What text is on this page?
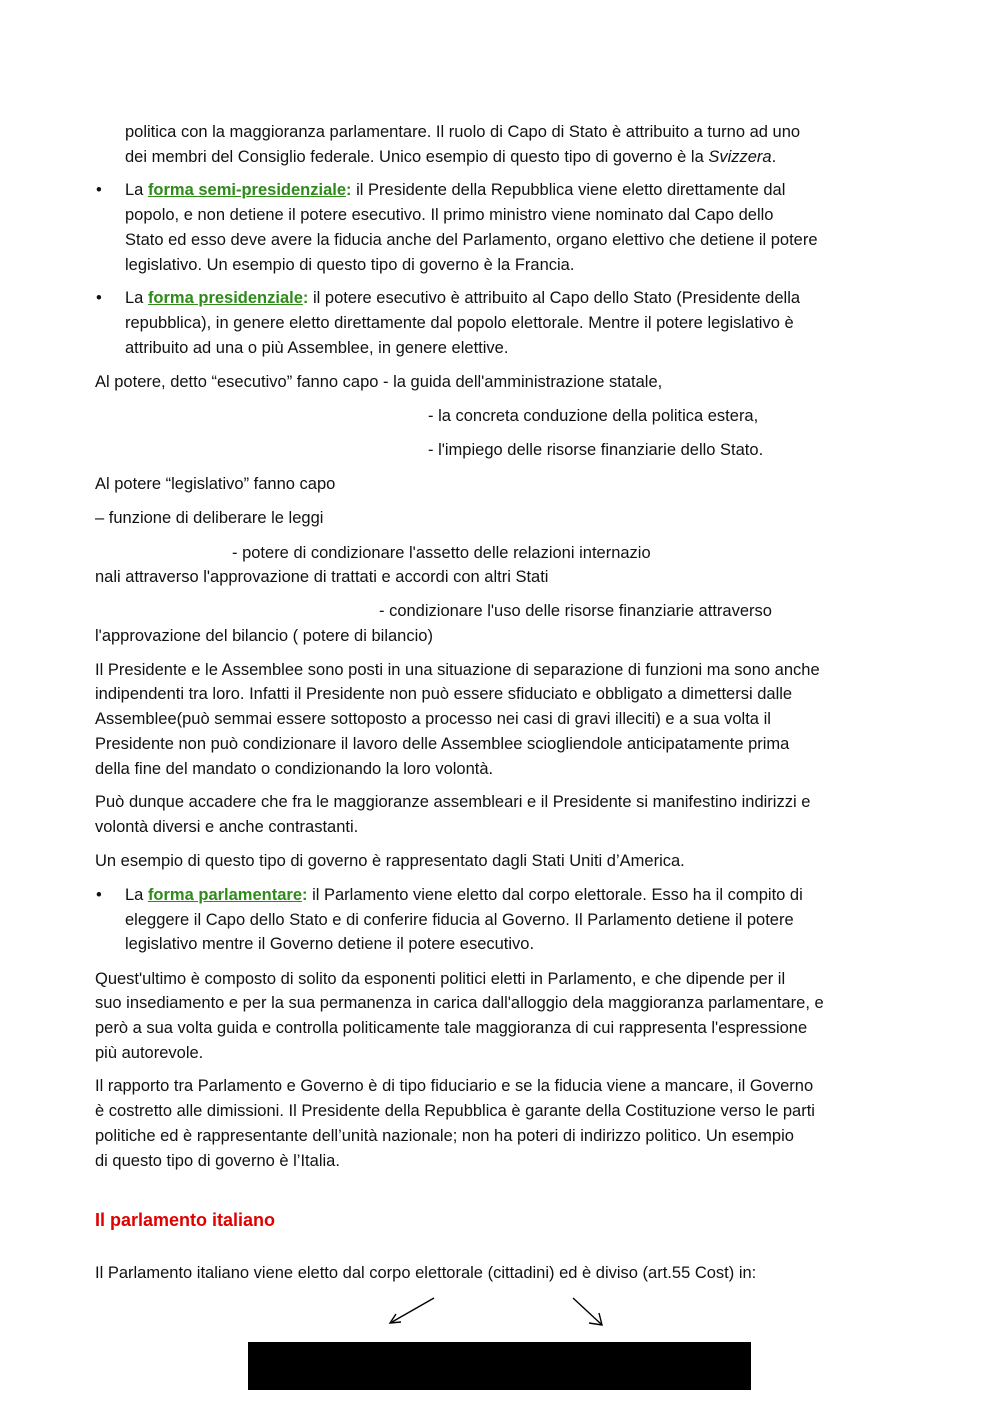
politica con la maggioranza parlamentare. Il ruolo di Capo di Stato è attribuito a turno ad uno
dei membri del Consiglio federale. Unico esempio di questo tipo di governo è la Svizzera.
• La forma semi-presidenziale: il Presidente della Repubblica viene eletto direttamente dal
popolo, e non detiene il potere esecutivo. Il primo ministro viene nominato dal Capo dello
Stato ed esso deve avere la fiducia anche del Parlamento, organo elettivo che detiene il potere
legislativo. Un esempio di questo tipo di governo è la Francia.
• La forma presidenziale: il potere esecutivo è attribuito al Capo dello Stato (Presidente della
repubblica), in genere eletto direttamente dal popolo elettorale. Mentre il potere legislativo è
attribuito ad una o più Assemblee, in genere elettive.
Al potere, detto “esecutivo” fanno capo - la guida dell'amministrazione statale,
- la concreta conduzione della politica estera,
- l'impiego delle risorse finanziarie dello Stato.
Al potere “legislativo” fanno capo
– funzione di deliberare le leggi
- potere di condizionare l'assetto delle relazioni internazio
nali attraverso l'approvazione di trattati e accordi con altri Stati
- condizionare l'uso delle risorse finanziarie attraverso
l'approvazione del bilancio ( potere di bilancio)
Il Presidente e le Assemblee sono posti in una situazione di separazione di funzioni ma sono anche
indipendenti tra loro. Infatti il Presidente non può essere sfiduciato e obbligato a dimettersi dalle
Assemblee(può semmai essere sottoposto a processo nei casi di gravi illeciti) e a sua volta il
Presidente non può condizionare il lavoro delle Assemblee sciogliendole anticipatamente prima
della fine del mandato o condizionando la loro volontà.
Può dunque accadere che fra le maggioranze assembleari e il Presidente si manifestino indirizzi e
volontà diversi e anche contrastanti.
Un esempio di questo tipo di governo è rappresentato dagli Stati Uniti d’America.
• La forma parlamentare: il Parlamento viene eletto dal corpo elettorale. Esso ha il compito di
eleggere il Capo dello Stato e di conferire fiducia al Governo. Il Parlamento detiene il potere
legislativo mentre il Governo detiene il potere esecutivo.
Quest'ultimo è composto di solito da esponenti politici eletti in Parlamento, e che dipende per il
suo insediamento e per la sua permanenza in carica dall'alloggio dela maggioranza parlamentare, e
però a sua volta guida e controlla politicamente tale maggioranza di cui rappresenta l'espressione
più autorevole.
Il rapporto tra Parlamento e Governo è di tipo fiduciario e se la fiducia viene a mancare, il Governo
è costretto alle dimissioni. Il Presidente della Repubblica è garante della Costituzione verso le parti
politiche ed è rappresentante dell’unità nazionale; non ha poteri di indirizzo politico. Un esempio
di questo tipo di governo è l’Italia.
Il parlamento italiano
Il Parlamento italiano viene eletto dal corpo elettorale (cittadini) ed è diviso (art.55 Cost) in:
